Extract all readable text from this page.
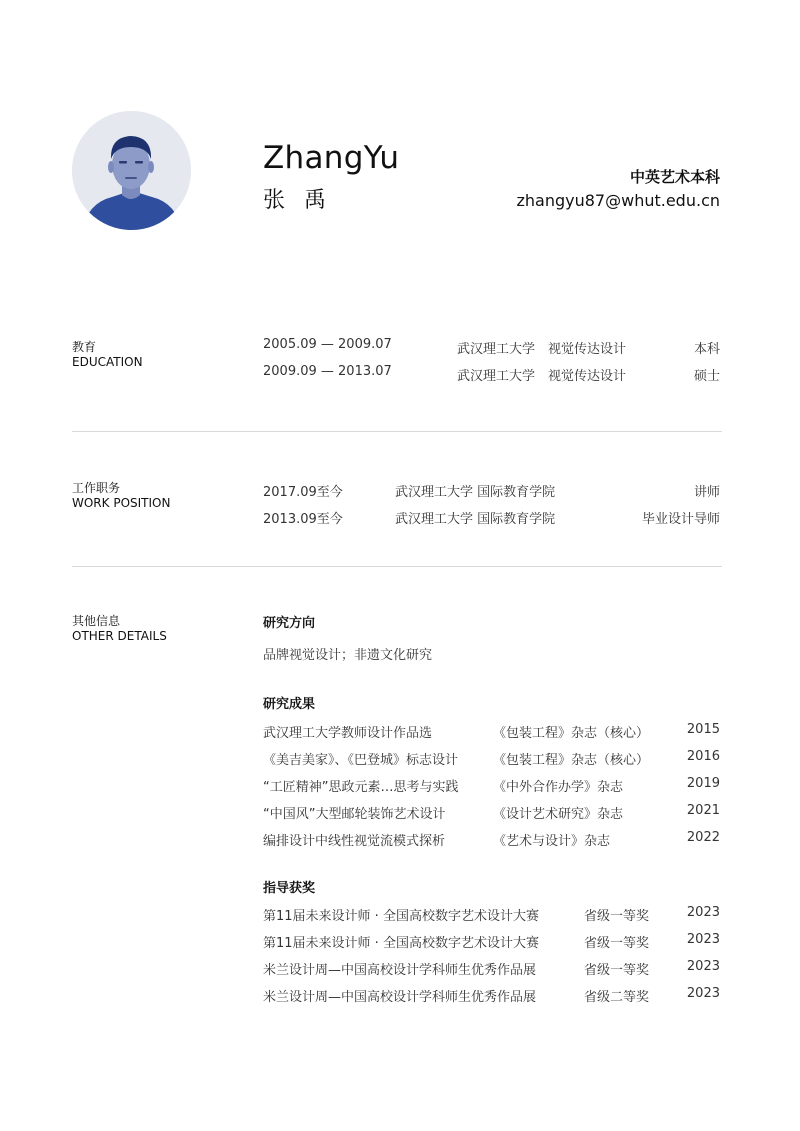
ZhangYu
张 禹
中英艺术本科
zhangyu87@whut.edu.cn
教育
EDUCATION
2005.09 — 2009.07	武汉理工大学 视觉传达设计	本科
2009.09 — 2013.07	武汉理工大学 视觉传达设计	硕士
工作职务
WORK POSITION
2017.09至今	武汉理工大学 国际教育学院	讲师
2013.09至今	武汉理工大学 国际教育学院	毕业设计导师
其他信息
OTHER DETAILS
研究方向
品牌视觉设计；非遗文化研究
研究成果
武汉理工大学教师设计作品选	《包装工程》杂志（核心）	2015
《美吉美家》、《巴登城》标志设计	《包装工程》杂志（核心）	2016
“工匠精神”思政元素…思考与实践	《中外合作办学》杂志	2019
“中国风”大型邮轮装饰艺术设计	《设计艺术研究》杂志	2021
编排设计中线性视觉流模式探析	《艺术与设计》杂志	2022
指导获奖
第11届未来设计师 · 全国高校数字艺术设计大赛	省级一等奖	2023
第11届未来设计师 · 全国高校数字艺术设计大赛	省级一等奖	2023
米兰设计周—中国高校设计学科师生优秀作品展	省级一等奖	2023
米兰设计周—中国高校设计学科师生优秀作品展	省级二等奖	2023
